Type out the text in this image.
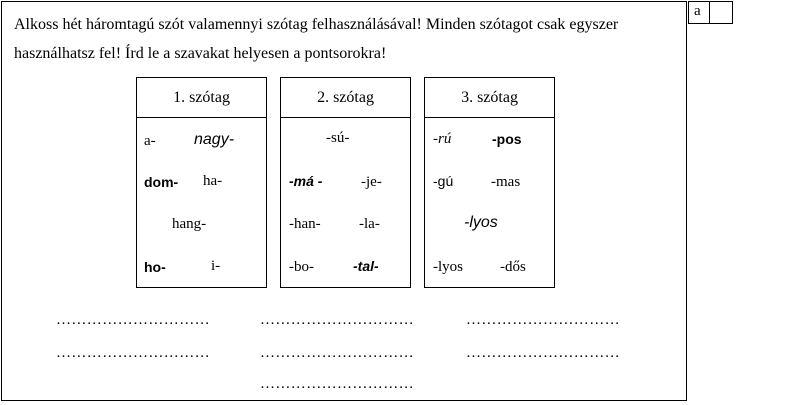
a
Alkoss hét háromtagú szót valamennyi szótag felhasználásával! Minden szótagot csak egyszer használhatsz fel! Írd le a szavakat helyesen a pontsorokra!
1. szótag
a- nagy-
dom- ha-
hang-
ho-	i-
2. szótag
-sú-
-má -	-je-
-han-	-la-
-bo-	-tal-
3. szótag
-rú	-pos
-gú	-mas
-lyos
-lyos -dős
…………………………	…………………………	…………………………
…………………………	…………………………	…………………………
…………………………
